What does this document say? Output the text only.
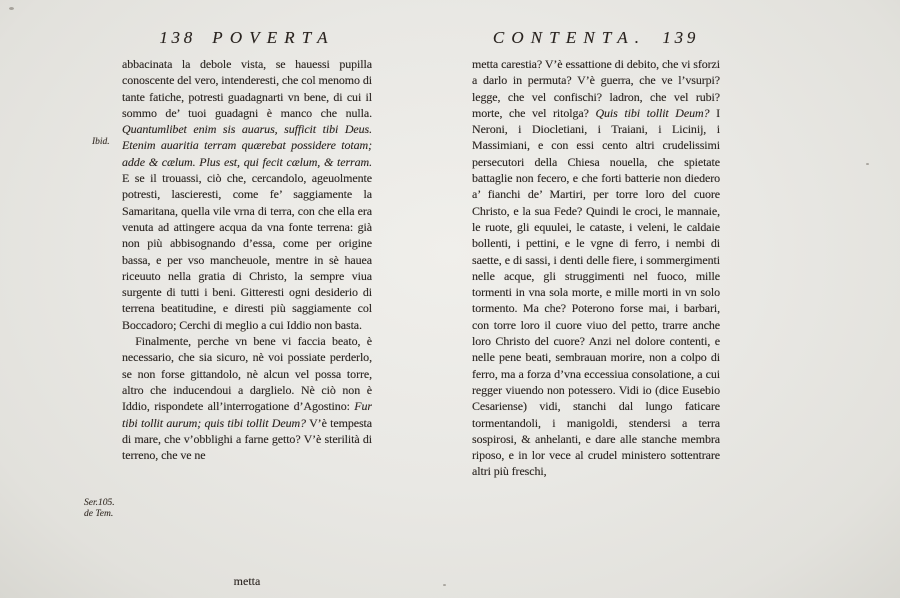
138 POVERTA

abbacinata la debole vista, se hauessi pupilla conoscente del vero, intenderesti, che col menomo di tante fatiche, potresti guadagnarti vn bene, di cui il sommo de’ tuoi guadagni è manco che nulla. Quantumlibet enim sis auarus, sufficit tibi Deus. Etenim auaritia terram quærebat possidere totam; adde & cælum. Plus est, qui fecit cælum, & terram. E se il trouassi, ciò che, cercandolo, ageuolmente potresti, lascieresti, come fe’ saggiamente la Samaritana, quella vile vrna di terra, con che ella era venuta ad attingere acqua da vna fonte terrena: già non più abbisognando d’essa, come per origine bassa, e per vso mancheuole, mentre in sè hauea riceuuto nella gratia di Christo, la sempre viua surgente di tutti i beni. Gitteresti ogni desiderio di terrena beatitudine, e diresti più saggiamente col Boccadoro; Cerchi di meglio a cui Iddio non basta.

Finalmente, perche vn bene vi faccia beato, è necessario, che sia sicuro, nè voi possiate perderlo, se non forse gittandolo, nè alcun vel possa torre, altro che inducendoui a darglielo. Nè ciò non è Iddio, rispondete all’interrogatione d’Agostino: Fur tibi tollit aurum; quis tibi tollit Deum? V’è tempesta di mare, che v’obblighi a farne getto? V’è sterilità di terreno, che ve ne

metta
Ibid.
Ser.105.
de Tem.
CONTENTA. 139

metta carestia? V’è essattione di debito, che vi sforzi a darlo in permuta? V’è guerra, che ve l’vsurpi? legge, che vel confischi? ladron, che vel rubi? morte, che vel ritolga? Quis tibi tollit Deum? I Neroni, i Diocletiani, i Traiani, i Licinij, i Massimiani, e con essi cento altri crudelissimi persecutori della Chiesa nouella, che spietate battaglie non fecero, e che forti batterie non diedero a’ fianchi de’ Martiri, per torre loro del cuore Christo, e la sua Fede? Quindi le croci, le mannaie, le ruote, gli equulei, le cataste, i veleni, le caldaie bollenti, i pettini, e le vgne di ferro, i nembi di saette, e di sassi, i denti delle fiere, i sommergimenti nelle acque, gli struggimenti nel fuoco, mille tormenti in vna sola morte, e mille morti in vn solo tormento. Ma che? Poterono forse mai, i barbari, con torre loro il cuore viuo del petto, trarre anche loro Christo del cuore? Anzi nel dolore contenti, e nelle pene beati, sembrauan morire, non a colpo di ferro, ma a forza d’vna eccessiua consolatione, a cui regger viuendo non potessero. Vidi io (dice Eusebio Cesariense) vidi, stanchi dal lungo faticare tormentandoli, i manigoldi, stendersi a terra sospirosi, & anhelanti, e dare alle stanche membra riposo, e in lor vece al crudel ministero sottentrare altri più freschi,
